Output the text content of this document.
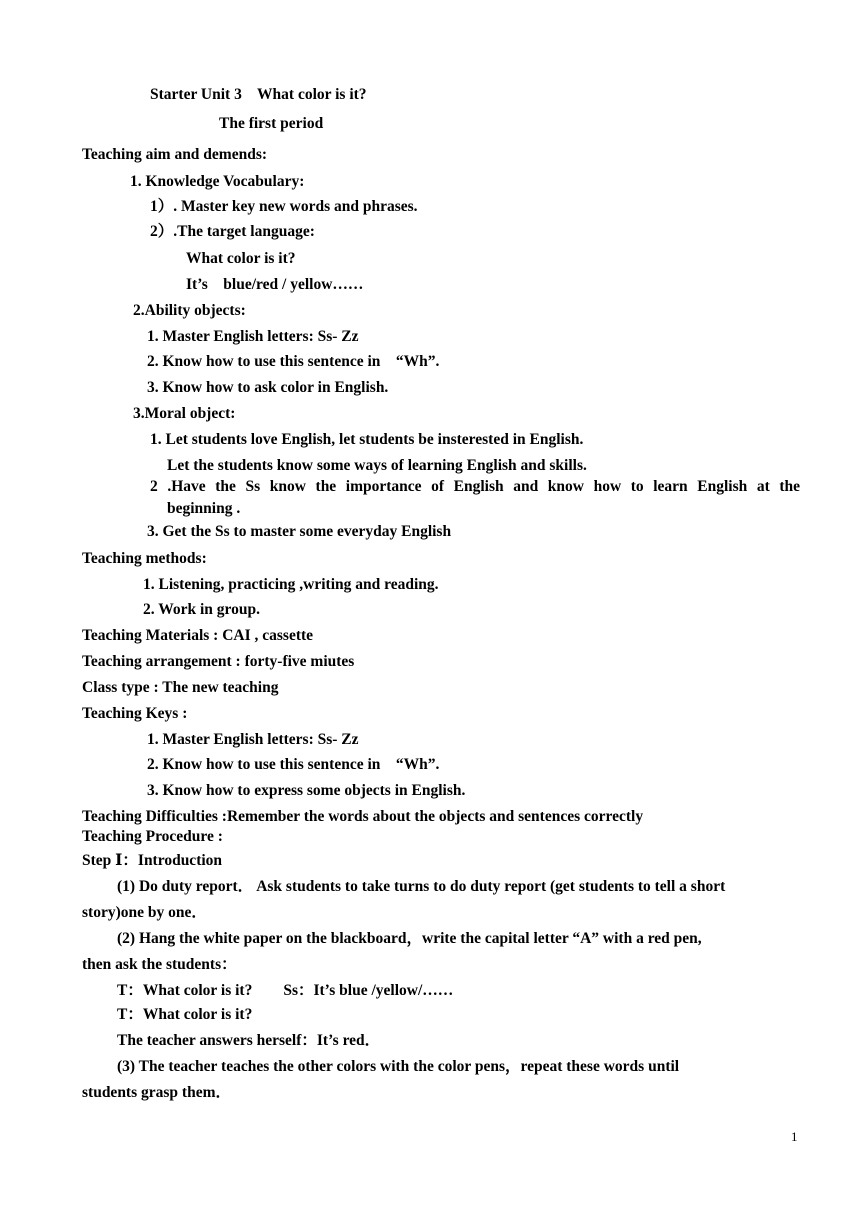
Starter Unit 3    What color is it?
The first period
Teaching aim and demends:
1. Knowledge Vocabulary:
1）. Master key new words and phrases.
2）.The target language:
What color is it?
It’s    blue/red / yellow……
2.Ability objects:
1. Master English letters: Ss- Zz
2. Know how to use this sentence in    “Wh”.
3. Know how to ask color in English.
3.Moral object:
1. Let students love English, let students be insterested in English.
Let the students know some ways of learning English and skills.
2 .Have the Ss know the importance of English and know how to learn English at the
beginning .
3. Get the Ss to master some everyday English
Teaching methods:
1. Listening, practicing ,writing and reading.
2. Work in group.
Teaching Materials : CAI , cassette
Teaching arrangement : forty-five miutes
Class type : The new teaching
Teaching Keys :
1. Master English letters: Ss- Zz
2. Know how to use this sentence in    “Wh”.
3. Know how to express some objects in English.
Teaching Difficulties :Remember the words about the objects and sentences correctly
Teaching Procedure :
Step Ⅰ：Introduction
(1) Do duty report． Ask students to take turns to do duty report (get students to tell a short
story)one by one．
(2) Hang the white paper on the blackboard，write the capital letter “A” with a red pen,
then ask the students：
T：What color is it?        Ss：It’s blue /yellow/……
T：What color is it?
The teacher answers herself：It’s red．
(3) The teacher teaches the other colors with the color pens，repeat these words until
students grasp them．
1
